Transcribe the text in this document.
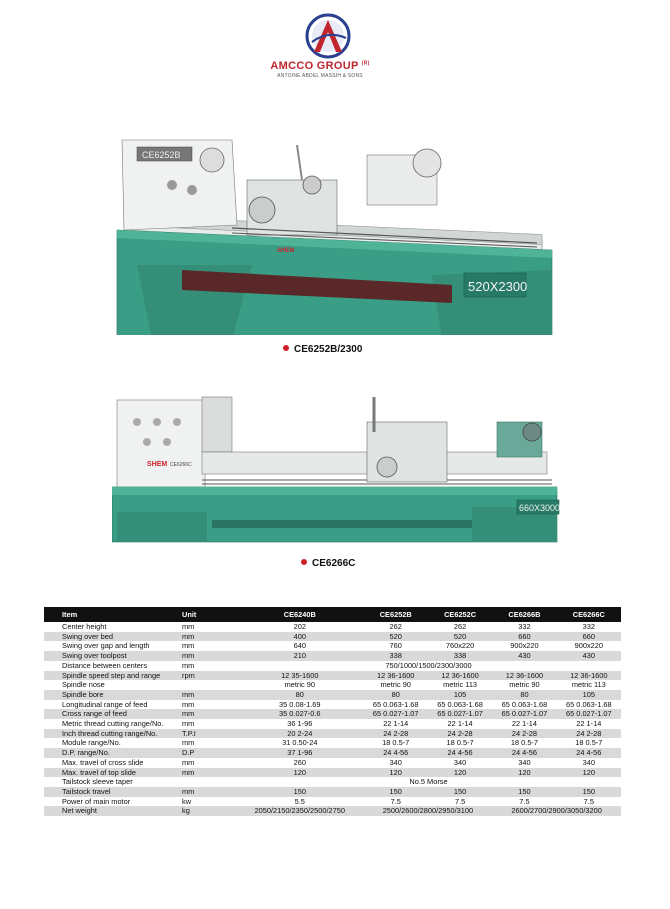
AMCCO GROUP $^{(R)}$
ANTOINE ABDEL MASSIH & SONS
CE6252B
520X2300
SHEM
CE6252B/2300
SHEM CE6266C
660X3000
CE6266C
Item	Unit	CE6240B	CE6252B	CE6252C	CE6266B	CE6266C
Center height	mm	202	262	262	332	332
Swing over bed	mm	400	520	520	660	660
Swing over gap and length	mm	640	760	760x220	900x220	900x220
Swing over toolpost	mm	210	338	338	430	430
Distance between centers	mm	750/1000/1500/2300/3000				
Spindle speed step and range	rpm	12 35-1600	12 36-1600	12 36-1600	12 36-1600	12 36-1600
Spindle nose		metric 90	metric 90	metric 113	metric 90	metric 113
Spindle bore	mm	80	80	105	80	105
Longitudinal range of feed	mm	35 0.08-1.69	65 0.063-1.68	65 0.063-1.68	65 0.063-1.68	65 0.063-1.68
Cross range of feed	mm	35 0.027-0.6	65 0.027-1.07	65 0.027-1.07	65 0.027-1.07	65 0.027-1.07
Metric thread cutting range/No.	mm	36 1-96	22 1-14	22 1-14	22 1-14	22 1-14
Inch thread cutting range/No.	T.P.I	20 2-24	24 2-28	24 2-28	24 2-28	24 2-28
Module range/No.	mm	31 0.50-24	18 0.5-7	18 0.5-7	18 0.5-7	18 0.5-7
D.P. range/No.	D.P	37 1-96	24 4-56	24 4-56	24 4-56	24 4-56
Max. travel of cross slide	mm	260	340	340	340	340
Max. travel of top slide	mm	120	120	120	120	120
Tailstock sleeve taper		No.5 Morse				
Tailstock travel	mm	150	150	150	150	150
Power of main motor	kw	5.5	7.5	7.5	7.5	7.5
Net weight	kg	2050/2150/2350/2500/2750	2500/2600/2800/2950/3100		2600/2700/2900/3050/3200	
